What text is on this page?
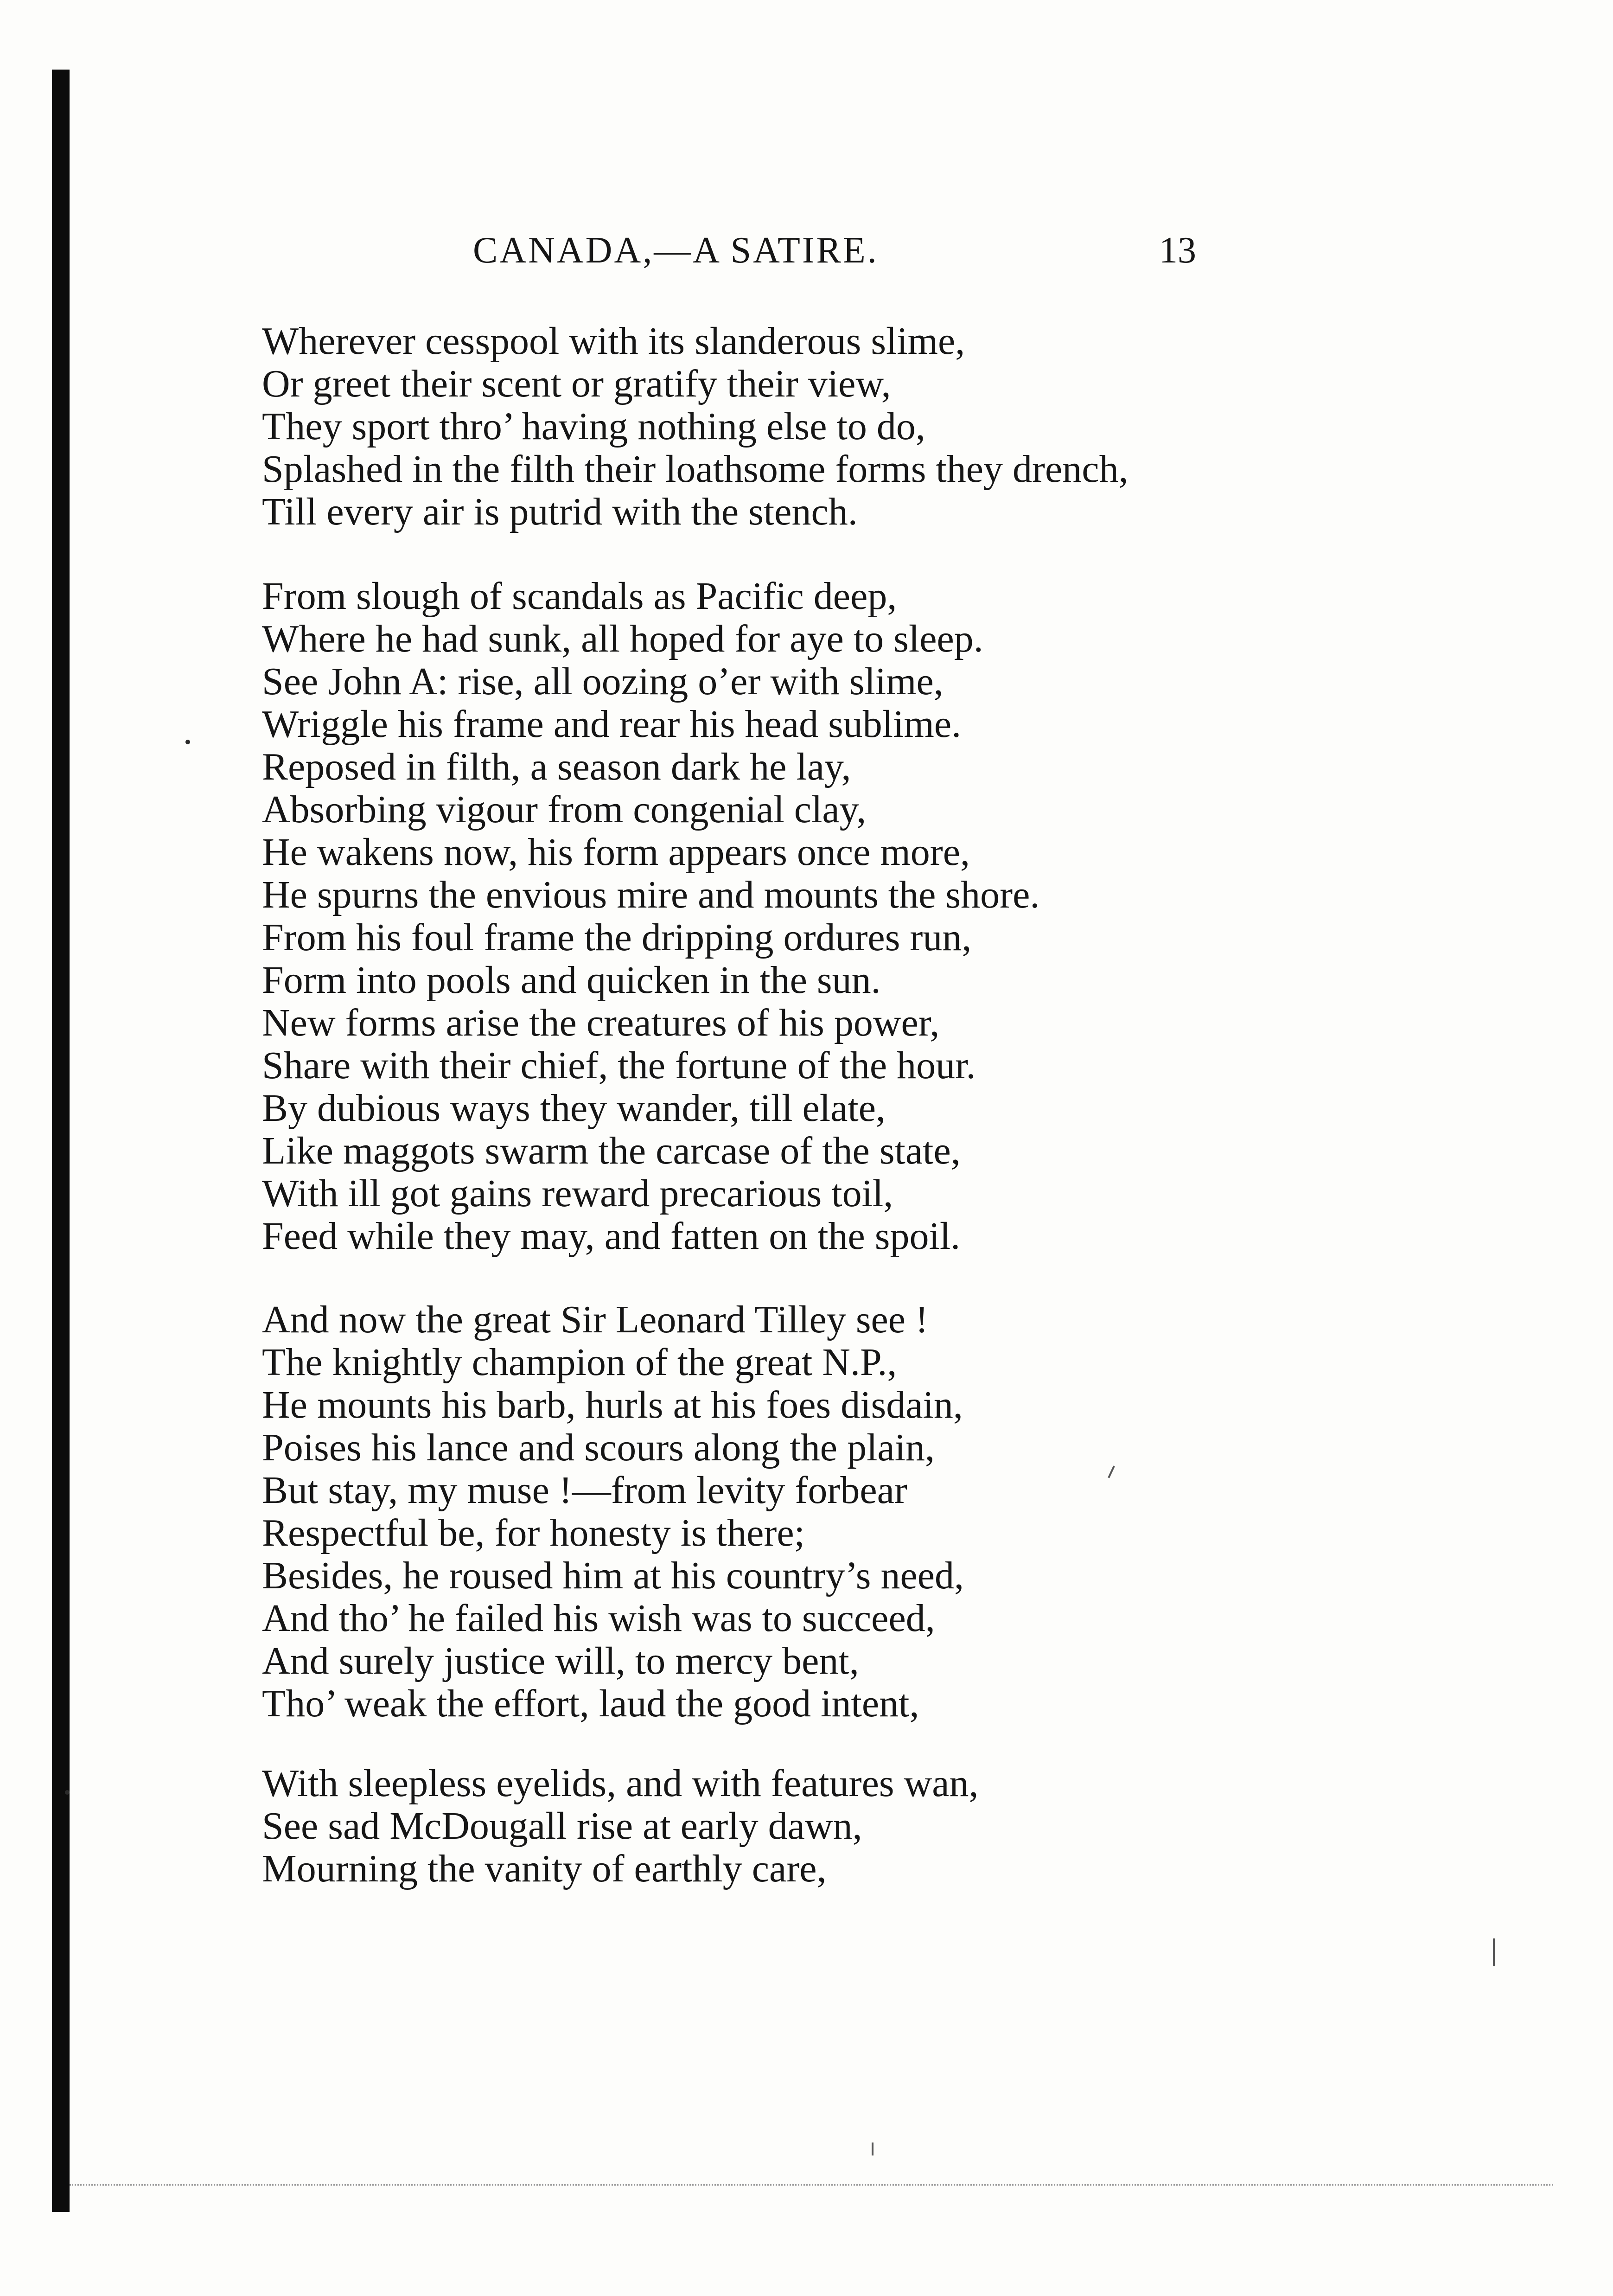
CANADA,—A SATIRE.	13
Wherever cesspool with its slanderous slime,
Or greet their scent or gratify their view,
They sport thro’ having nothing else to do,
Splashed in the filth their loathsome forms they drench,
Till every air is putrid with the stench.
From slough of scandals as Pacific deep,
Where he had sunk, all hoped for aye to sleep.
See John A: rise, all oozing o’er with slime,
Wriggle his frame and rear his head sublime.
Reposed in filth, a season dark he lay,
Absorbing vigour from congenial clay,
He wakens now, his form appears once more,
He spurns the envious mire and mounts the shore.
From his foul frame the dripping ordures run,
Form into pools and quicken in the sun.
New forms arise the creatures of his power,
Share with their chief, the fortune of the hour.
By dubious ways they wander, till elate,
Like maggots swarm the carcase of the state,
With ill got gains reward precarious toil,
Feed while they may, and fatten on the spoil.
And now the great Sir Leonard Tilley see !
The knightly champion of the great N.P.,
He mounts his barb, hurls at his foes disdain,
Poises his lance and scours along the plain,
But stay, my muse !—from levity forbear
Respectful be, for honesty is there;
Besides, he roused him at his country’s need,
And tho’ he failed his wish was to succeed,
And surely justice will, to mercy bent,
Tho’ weak the effort, laud the good intent,
With sleepless eyelids, and with features wan,
See sad McDougall rise at early dawn,
Mourning the vanity of earthly care,
